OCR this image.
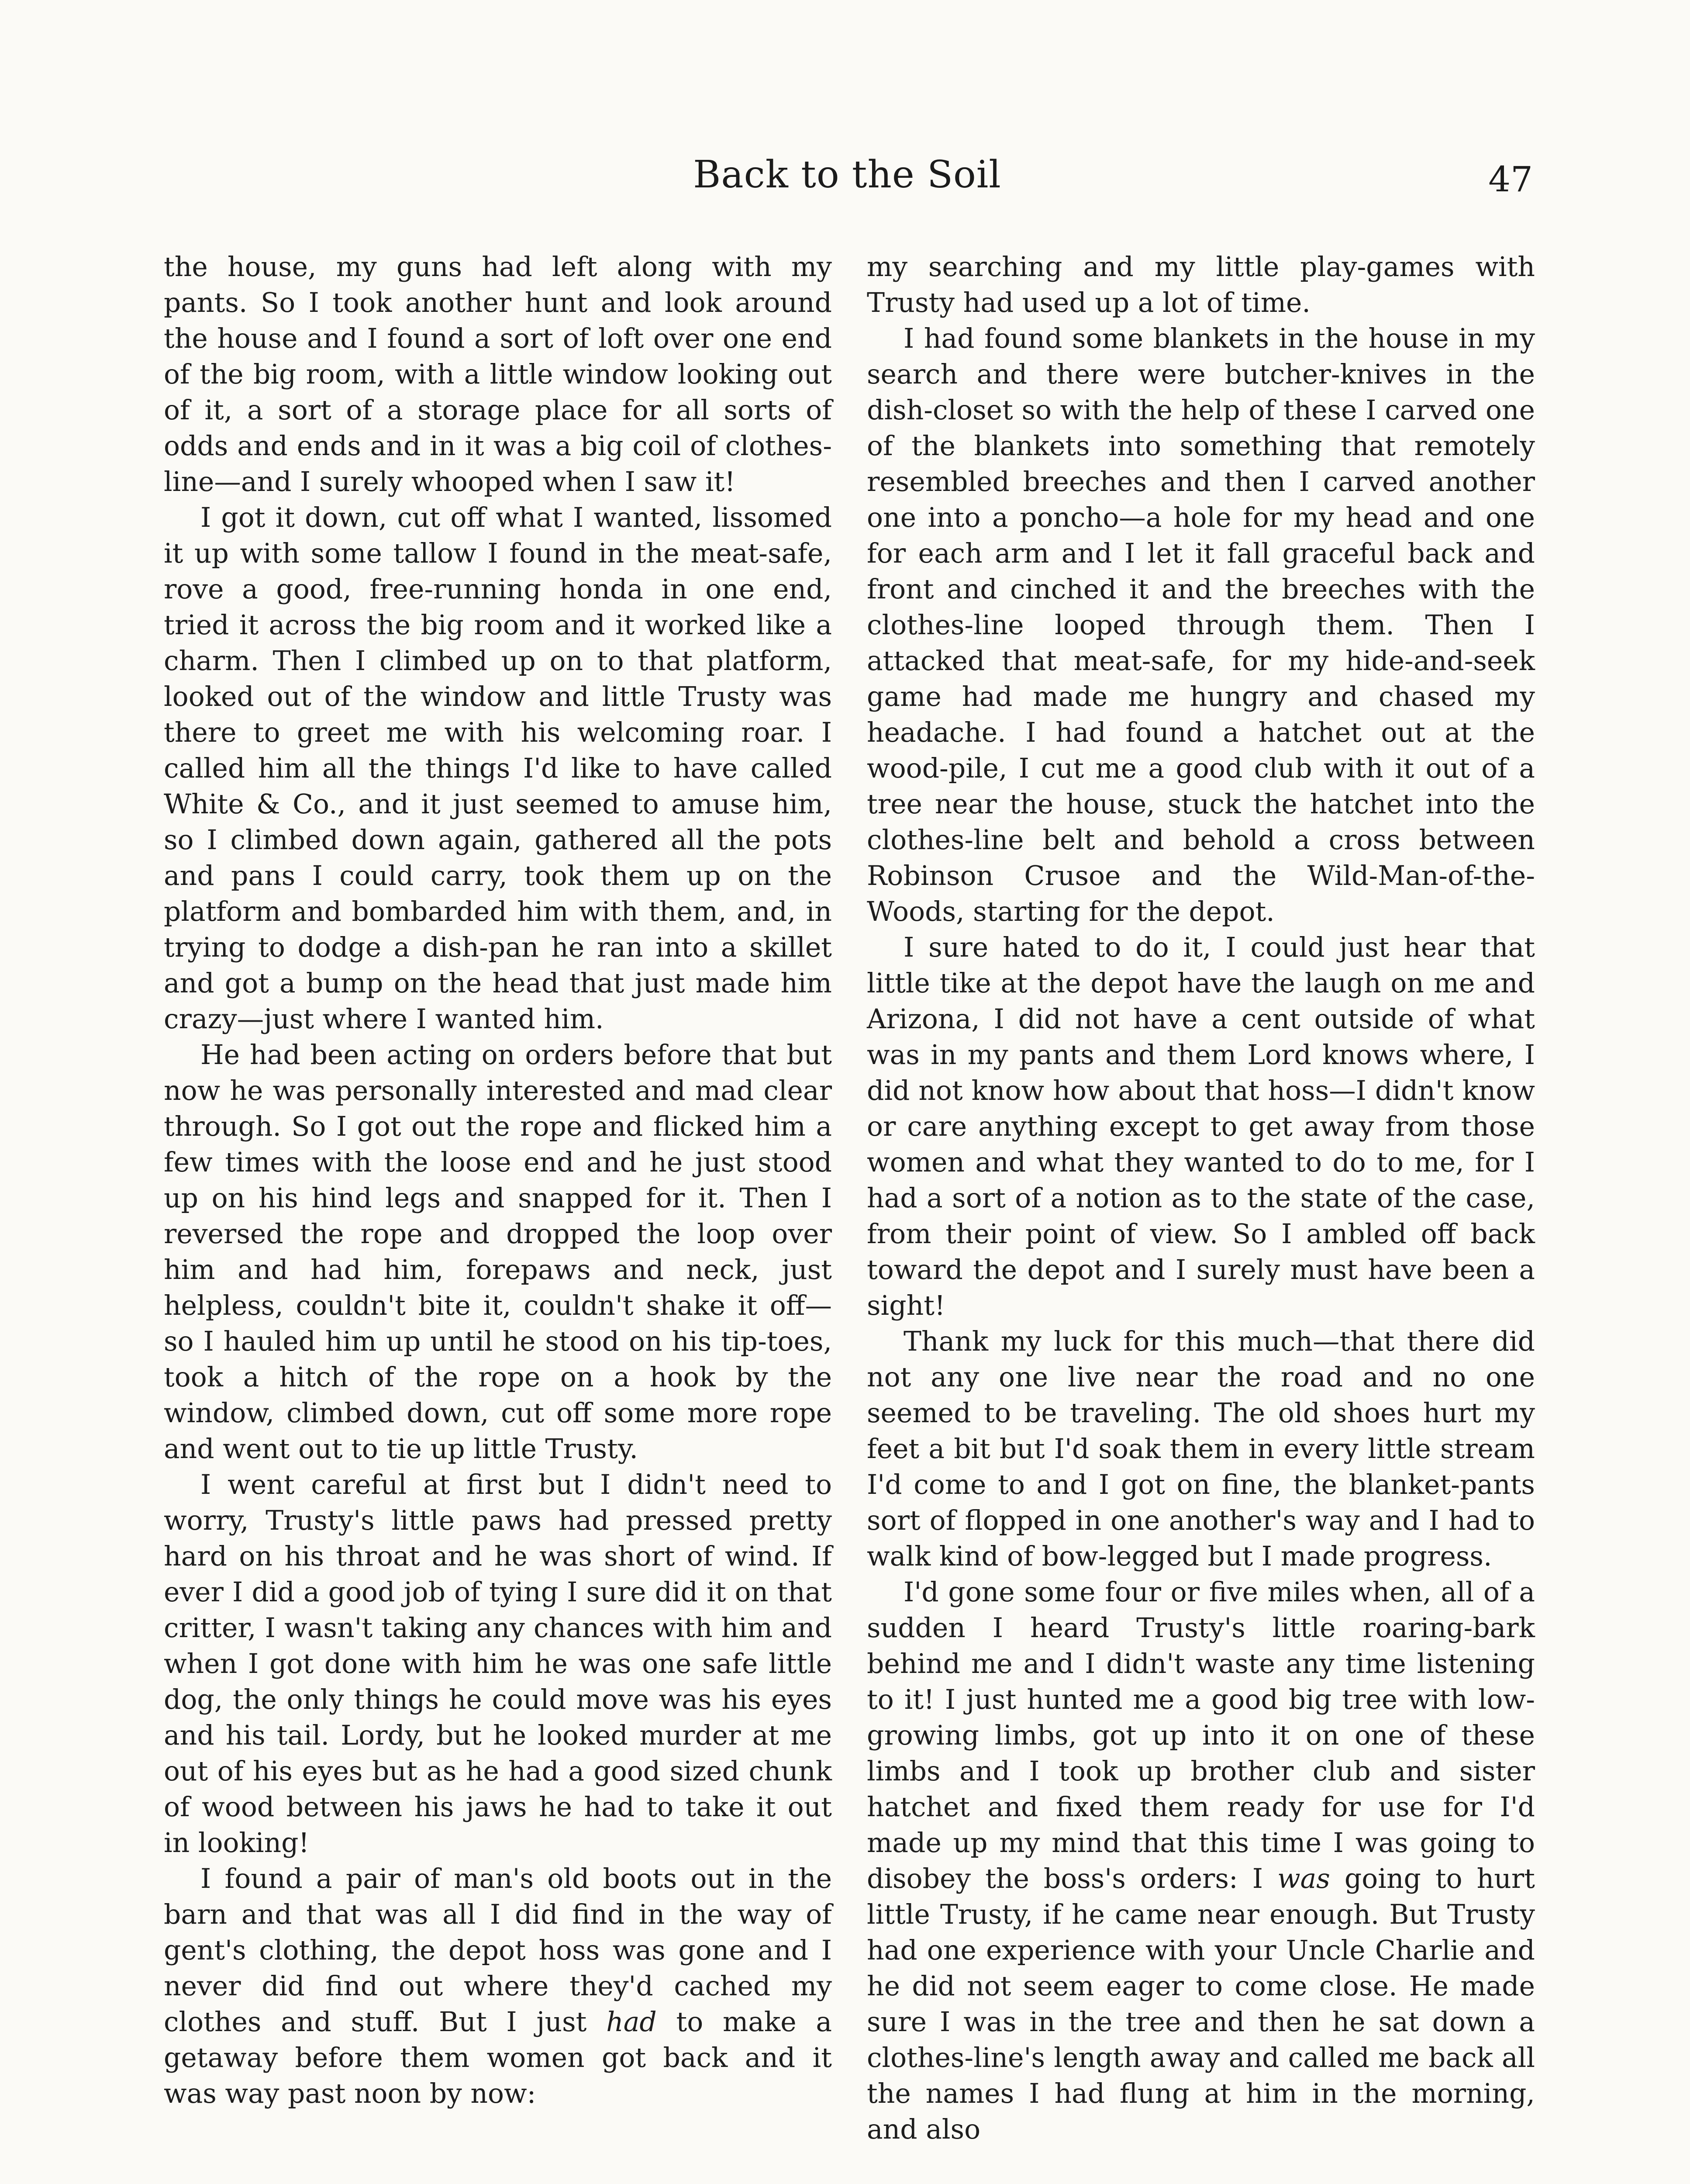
Back to the Soil	47

the house, my guns had left along with my pants. So I took another hunt and look around the house and I found a sort of loft over one end of the big room, with a little window looking out of it, a sort of a storage place for all sorts of odds and ends and in it was a big coil of clothes-line—and I surely whooped when I saw it!

I got it down, cut off what I wanted, lissomed it up with some tallow I found in the meat-safe, rove a good, free-running honda in one end, tried it across the big room and it worked like a charm. Then I climbed up on to that platform, looked out of the window and little Trusty was there to greet me with his welcoming roar. I called him all the things I'd like to have called White & Co., and it just seemed to amuse him, so I climbed down again, gathered all the pots and pans I could carry, took them up on the platform and bombarded him with them, and, in trying to dodge a dish-pan he ran into a skillet and got a bump on the head that just made him crazy—just where I wanted him.

He had been acting on orders before that but now he was personally interested and mad clear through. So I got out the rope and flicked him a few times with the loose end and he just stood up on his hind legs and snapped for it. Then I reversed the rope and dropped the loop over him and had him, forepaws and neck, just helpless, couldn't bite it, couldn't shake it off—so I hauled him up until he stood on his tip-toes, took a hitch of the rope on a hook by the window, climbed down, cut off some more rope and went out to tie up little Trusty.

I went careful at first but I didn't need to worry, Trusty's little paws had pressed pretty hard on his throat and he was short of wind. If ever I did a good job of tying I sure did it on that critter, I wasn't taking any chances with him and when I got done with him he was one safe little dog, the only things he could move was his eyes and his tail. Lordy, but he looked murder at me out of his eyes but as he had a good sized chunk of wood between his jaws he had to take it out in looking!

I found a pair of man's old boots out in the barn and that was all I did find in the way of gent's clothing, the depot hoss was gone and I never did find out where they'd cached my clothes and stuff. But I just had to make a getaway before them women got back and it was way past noon by now:

my searching and my little play-games with Trusty had used up a lot of time.

I had found some blankets in the house in my search and there were butcher-knives in the dish-closet so with the help of these I carved one of the blankets into something that remotely resembled breeches and then I carved another one into a poncho—a hole for my head and one for each arm and I let it fall graceful back and front and cinched it and the breeches with the clothes-line looped through them. Then I attacked that meat-safe, for my hide-and-seek game had made me hungry and chased my headache. I had found a hatchet out at the wood-pile, I cut me a good club with it out of a tree near the house, stuck the hatchet into the clothes-line belt and behold a cross between Robinson Crusoe and the Wild-Man-of-the-Woods, starting for the depot.

I sure hated to do it, I could just hear that little tike at the depot have the laugh on me and Arizona, I did not have a cent outside of what was in my pants and them Lord knows where, I did not know how about that hoss—I didn't know or care anything except to get away from those women and what they wanted to do to me, for I had a sort of a notion as to the state of the case, from their point of view. So I ambled off back toward the depot and I surely must have been a sight!

Thank my luck for this much—that there did not any one live near the road and no one seemed to be traveling. The old shoes hurt my feet a bit but I'd soak them in every little stream I'd come to and I got on fine, the blanket-pants sort of flopped in one another's way and I had to walk kind of bow-legged but I made progress.

I'd gone some four or five miles when, all of a sudden I heard Trusty's little roaring-bark behind me and I didn't waste any time listening to it! I just hunted me a good big tree with low-growing limbs, got up into it on one of these limbs and I took up brother club and sister hatchet and fixed them ready for use for I'd made up my mind that this time I was going to disobey the boss's orders: I was going to hurt little Trusty, if he came near enough. But Trusty had one experience with your Uncle Charlie and he did not seem eager to come close. He made sure I was in the tree and then he sat down a clothes-line's length away and called me back all the names I had flung at him in the morning, and also
